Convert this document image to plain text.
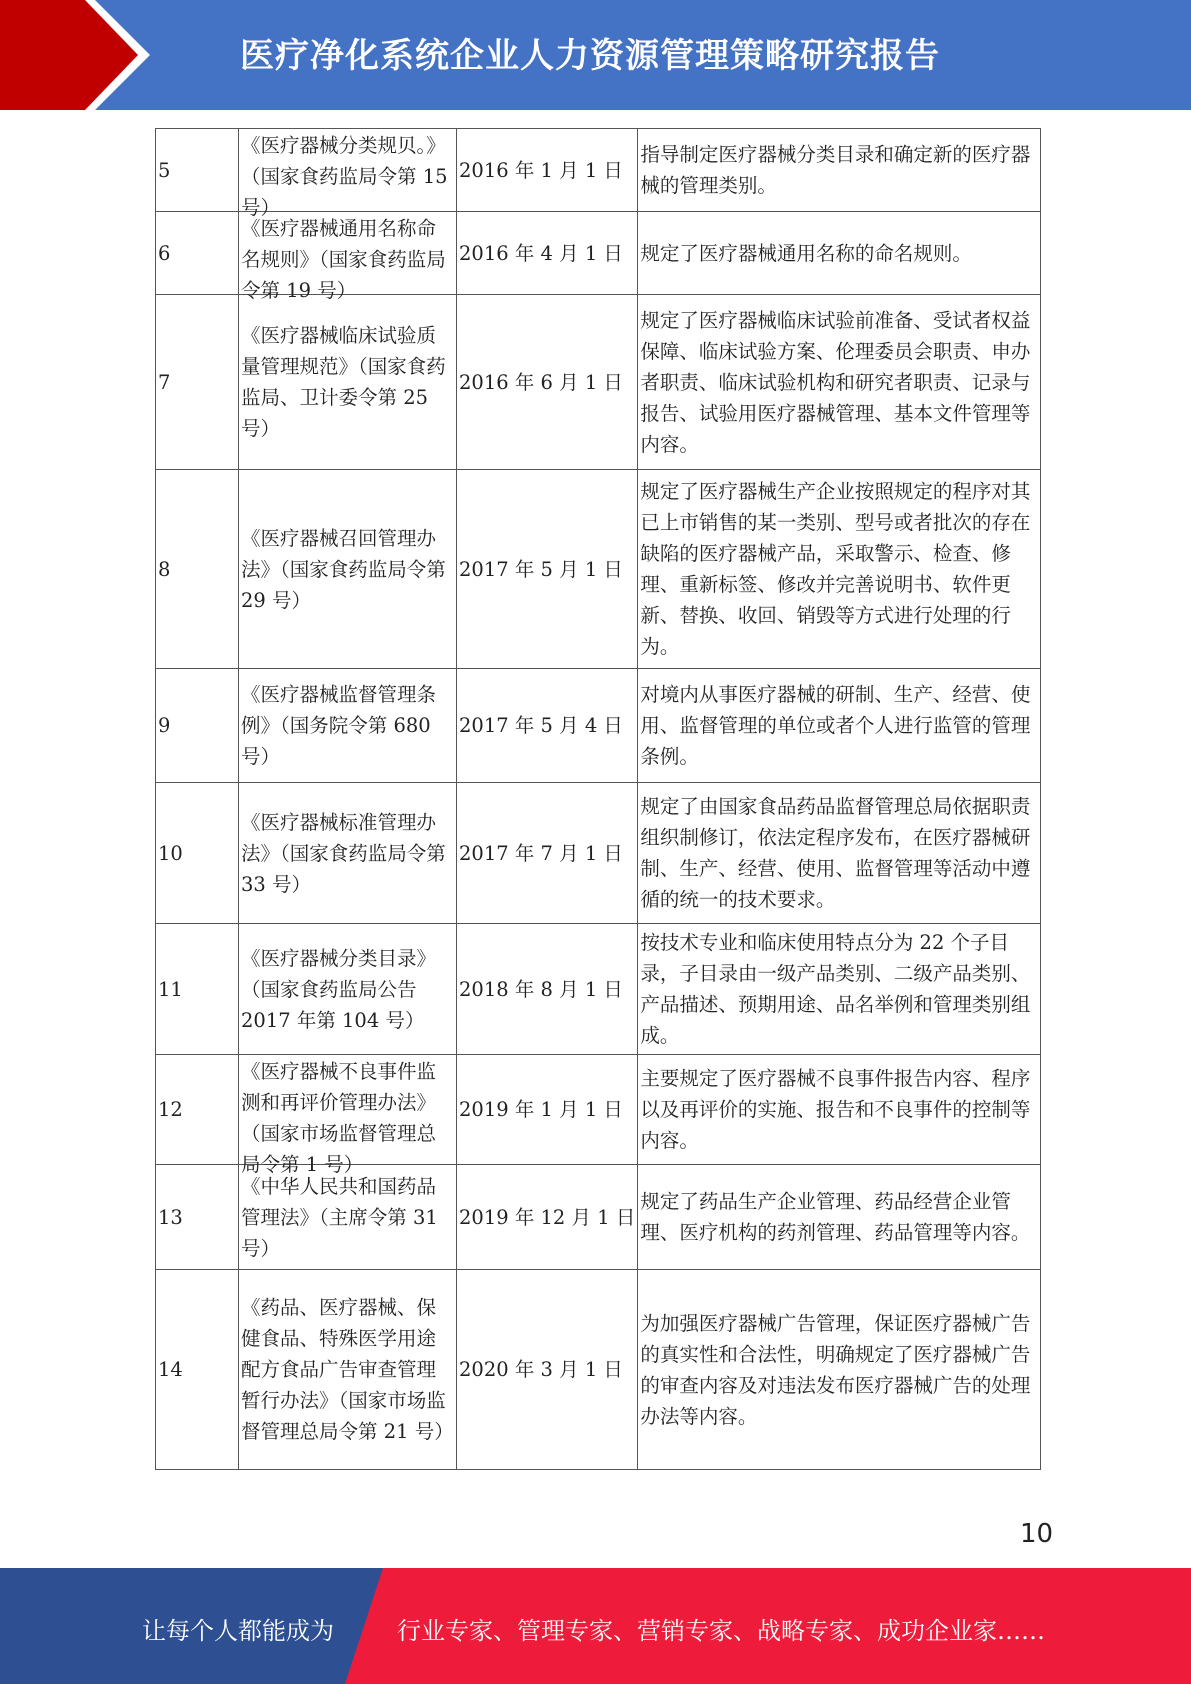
医疗净化系统企业人力资源管理策略研究报告
5	《医疗器械分类规贝。》（国家食药监局令第 15 号）	2016 年 1 月 1 日	指导制定医疗器械分类目录和确定新的医疗器械的管理类别。
6	《医疗器械通用名称命名规则》（国家食药监局令第 19 号）	2016 年 4 月 1 日	规定了医疗器械通用名称的命名规则。
7	《医疗器械临床试验质量管理规范》（国家食药监局、卫计委令第 25 号）	2016 年 6 月 1 日	规定了医疗器械临床试验前准备、受试者权益保障、临床试验方案、伦理委员会职责、申办者职责、临床试验机构和研究者职责、记录与报告、试验用医疗器械管理、基本文件管理等内容。
8	《医疗器械召回管理办法》（国家食药监局令第 29 号）	2017 年 5 月 1 日	规定了医疗器械生产企业按照规定的程序对其已上市销售的某一类别、型号或者批次的存在缺陷的医疗器械产品，采取警示、检查、修理、重新标签、修改并完善说明书、软件更新、替换、收回、销毁等方式进行处理的行为。
9	《医疗器械监督管理条例》（国务院令第 680 号）	2017 年 5 月 4 日	对境内从事医疗器械的研制、生产、经营、使用、监督管理的单位或者个人进行监管的管理条例。
10	《医疗器械标准管理办法》（国家食药监局令第 33 号）	2017 年 7 月 1 日	规定了由国家食品药品监督管理总局依据职责组织制修订，依法定程序发布，在医疗器械研制、生产、经营、使用、监督管理等活动中遵循的统一的技术要求。
11	《医疗器械分类目录》（国家食药监局公告 2017 年第 104 号）	2018 年 8 月 1 日	按技术专业和临床使用特点分为 22 个子目录，子目录由一级产品类别、二级产品类别、产品描述、预期用途、品名举例和管理类别组成。
12	《医疗器械不良事件监测和再评价管理办法》（国家市场监督管理总局令第 1 号）	2019 年 1 月 1 日	主要规定了医疗器械不良事件报告内容、程序以及再评价的实施、报告和不良事件的控制等内容。
13	《中华人民共和国药品管理法》（主席令第 31 号）	2019 年 12 月 1 日	规定了药品生产企业管理、药品经营企业管理、医疗机构的药剂管理、药品管理等内容。
14	《药品、医疗器械、保健食品、特殊医学用途配方食品广告审查管理暂行办法》（国家市场监督管理总局令第 21 号）	2020 年 3 月 1 日	为加强医疗器械广告管理，保证医疗器械广告的真实性和合法性，明确规定了医疗器械广告的审查内容及对违法发布医疗器械广告的处理办法等内容。
10
让每个人都能成为	行业专家、管理专家、营销专家、战略专家、成功企业家……
